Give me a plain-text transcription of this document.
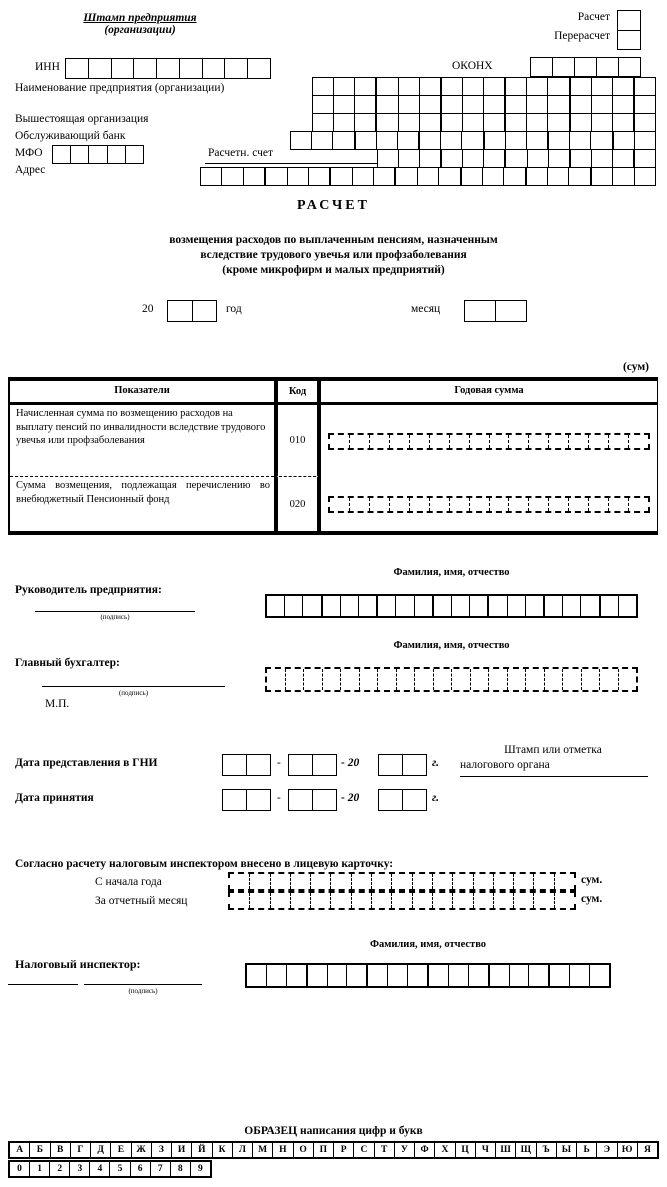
Штамп предприятия
(организации)
Расчет
Перерасчет
ИНН	ОКОНХ
Наименование предприятия (организации)
Вышестоящая организация
Обслуживающий банк
МФО	Расчетн. счет
Адрес
РАСЧЕТ
возмещения расходов по выплаченным пенсиям, назначенным
вследствие трудового увечья или профзаболевания
(кроме микрофирм и малых предприятий)
20	год	месяц
(сум)
Показатели	Код	Годовая сумма
Начисленная сумма по возмещению расходов на выплату пенсий по инвалидности вследствие трудового увечья или профзаболевания	010
Сумма возмещения, подлежащая перечислению во внебюджетный Пенсионный фонд	020
Фамилия, имя, отчество
Руководитель предприятия:
(подпись)
Фамилия, имя, отчество
Главный бухгалтер:
(подпись)
М.П.
Дата представления в ГНИ	-	- 20	г.
Штамп или отметка
налогового органа
Дата принятия	-	- 20	г.
Согласно расчету налоговым инспектором внесено в лицевую карточку:
С начала года	сум.
За отчетный месяц	сум.
Фамилия, имя, отчество
Налоговый инспектор:
(подпись)
ОБРАЗЕЦ написания цифр и букв
А	Б	В	Г	Д	Е	Ж	З	И	Й	К	Л	М	Н	О	П	Р	С	Т	У	Ф	Х	Ц	Ч	Ш	Щ	Ъ	Ы	Ь	Э	Ю	Я
0	1	2	3	4	5	6	7	8	9
